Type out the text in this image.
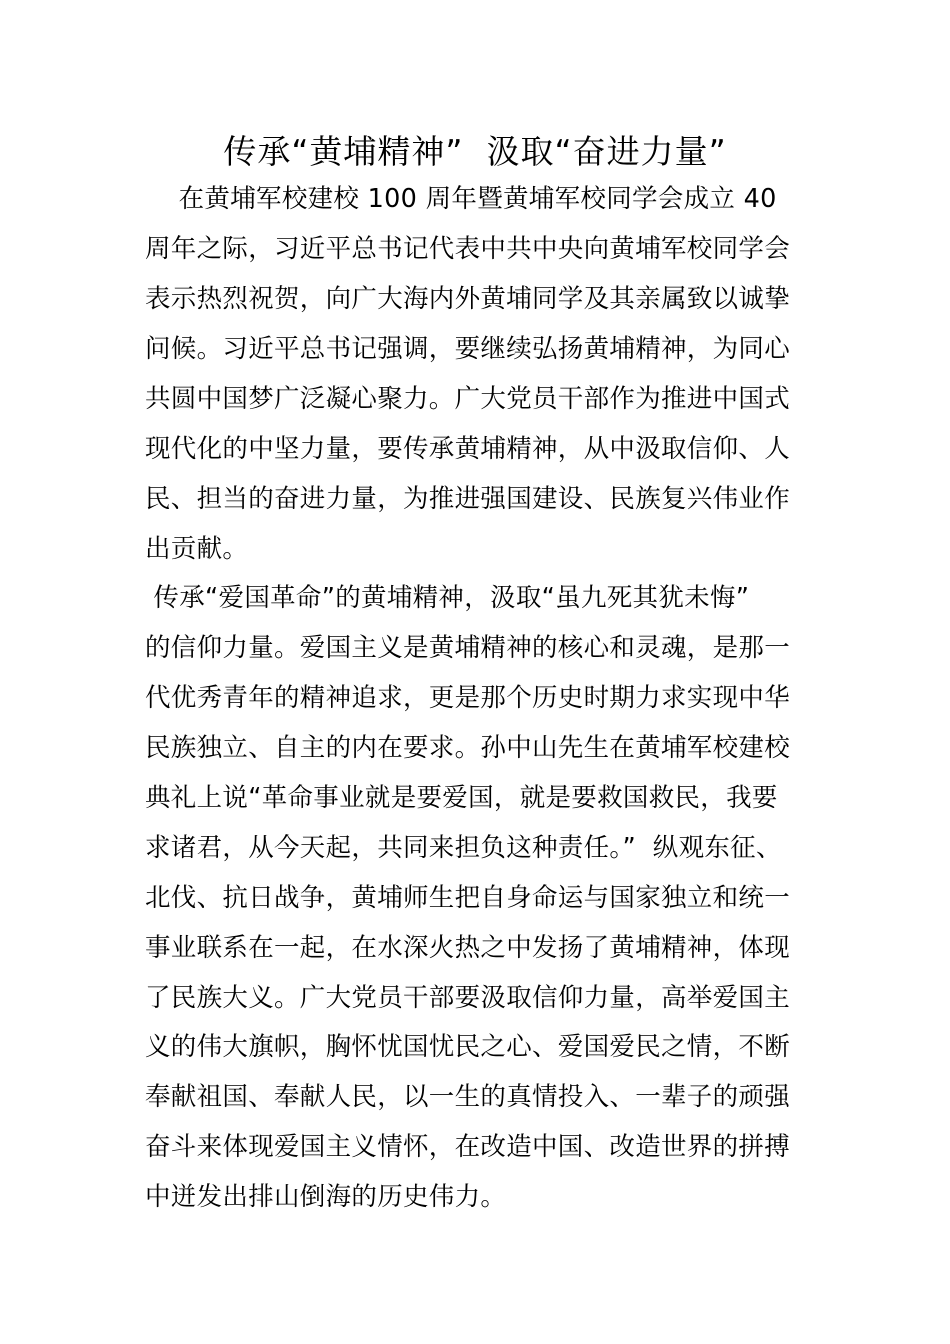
传承“黄埔精神”  汲取“奋进力量”
在黄埔军校建校 100 周年暨黄埔军校同学会成立 40
周年之际，习近平总书记代表中共中央向黄埔军校同学会
表示热烈祝贺，向广大海内外黄埔同学及其亲属致以诚挚
问候。习近平总书记强调，要继续弘扬黄埔精神，为同心
共圆中国梦广泛凝心聚力。广大党员干部作为推进中国式
现代化的中坚力量，要传承黄埔精神，从中汲取信仰、人
民、担当的奋进力量，为推进强国建设、民族复兴伟业作
出贡献。
传承“爱国革命”的黄埔精神，汲取“虽九死其犹未悔”
的信仰力量。爱国主义是黄埔精神的核心和灵魂，是那一
代优秀青年的精神追求，更是那个历史时期力求实现中华
民族独立、自主的内在要求。孙中山先生在黄埔军校建校
典礼上说“革命事业就是要爱国，就是要救国救民，我要
求诸君，从今天起，共同来担负这种责任。”  纵观东征、
北伐、抗日战争，黄埔师生把自身命运与国家独立和统一
事业联系在一起，在水深火热之中发扬了黄埔精神，体现
了民族大义。广大党员干部要汲取信仰力量，高举爱国主
义的伟大旗帜，胸怀忧国忧民之心、爱国爱民之情，不断
奉献祖国、奉献人民，以一生的真情投入、一辈子的顽强
奋斗来体现爱国主义情怀，在改造中国、改造世界的拼搏
中迸发出排山倒海的历史伟力。
